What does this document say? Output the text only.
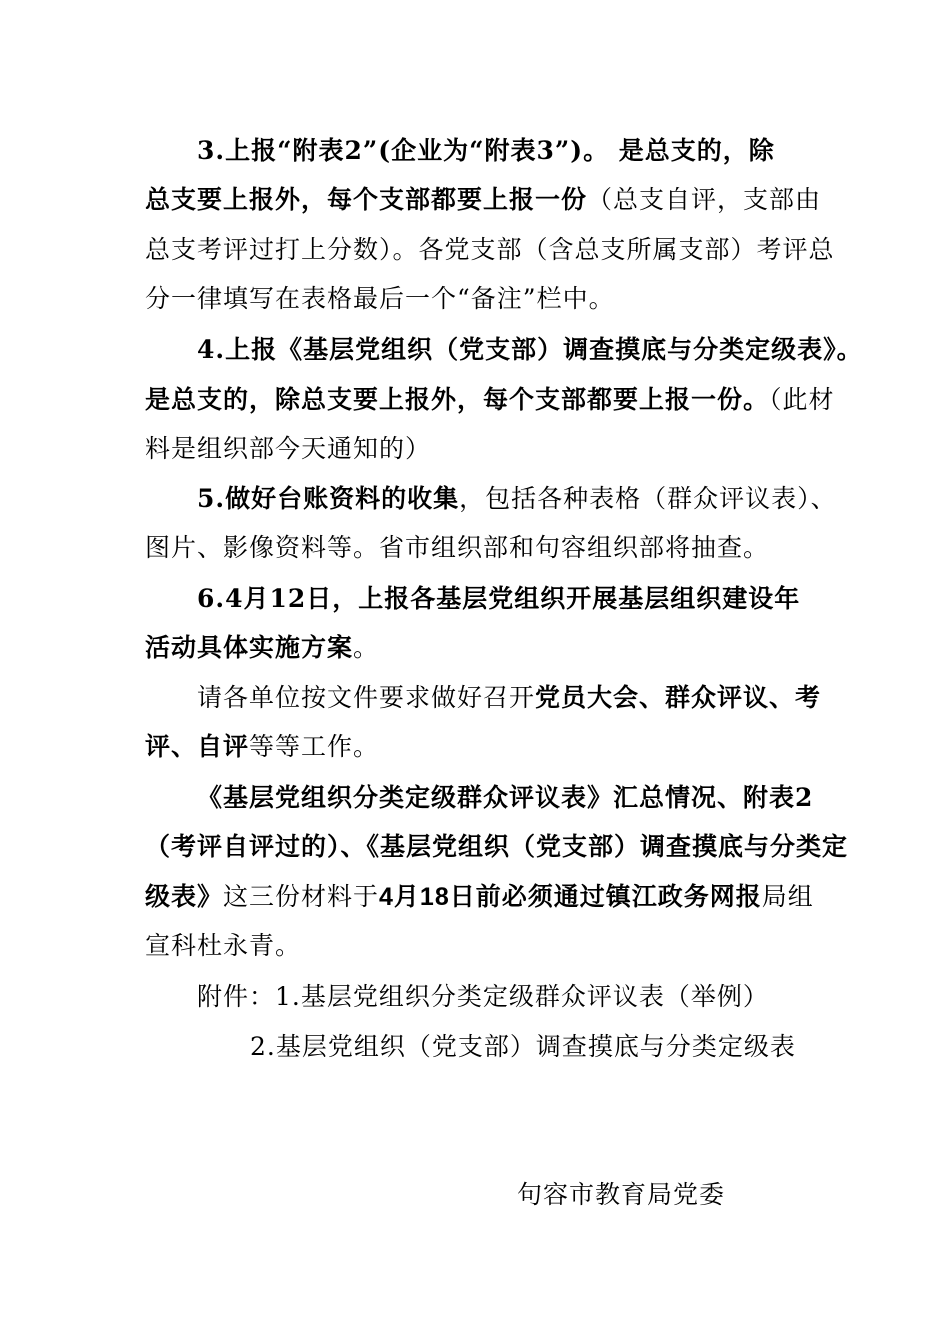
3.上报“附表2”(企业为“附表3”)。 是总支的，除
总支要上报外，每个支部都要上报一份（总支自评，支部由
总支考评过打上分数）。各党支部（含总支所属支部）考评总
分一律填写在表格最后一个“备注”栏中。
4.上报《基层党组织（党支部）调查摸底与分类定级表》。
是总支的，除总支要上报外，每个支部都要上报一份。（此材
料是组织部今天通知的）
5.做好台账资料的收集，包括各种表格（群众评议表）、
图片、影像资料等。省市组织部和句容组织部将抽查。
6.4月12日，上报各基层党组织开展基层组织建设年
活动具体实施方案。
请各单位按文件要求做好召开党员大会、群众评议、考
评、自评等等工作。
《基层党组织分类定级群众评议表》汇总情况、附表2
（考评自评过的）、《基层党组织（党支部）调查摸底与分类定
级表》这三份材料于4月18日前必须通过镇江政务网报局组
宣科杜永青。
附件：1.基层党组织分类定级群众评议表（举例）
2.基层党组织（党支部）调查摸底与分类定级表
句容市教育局党委
